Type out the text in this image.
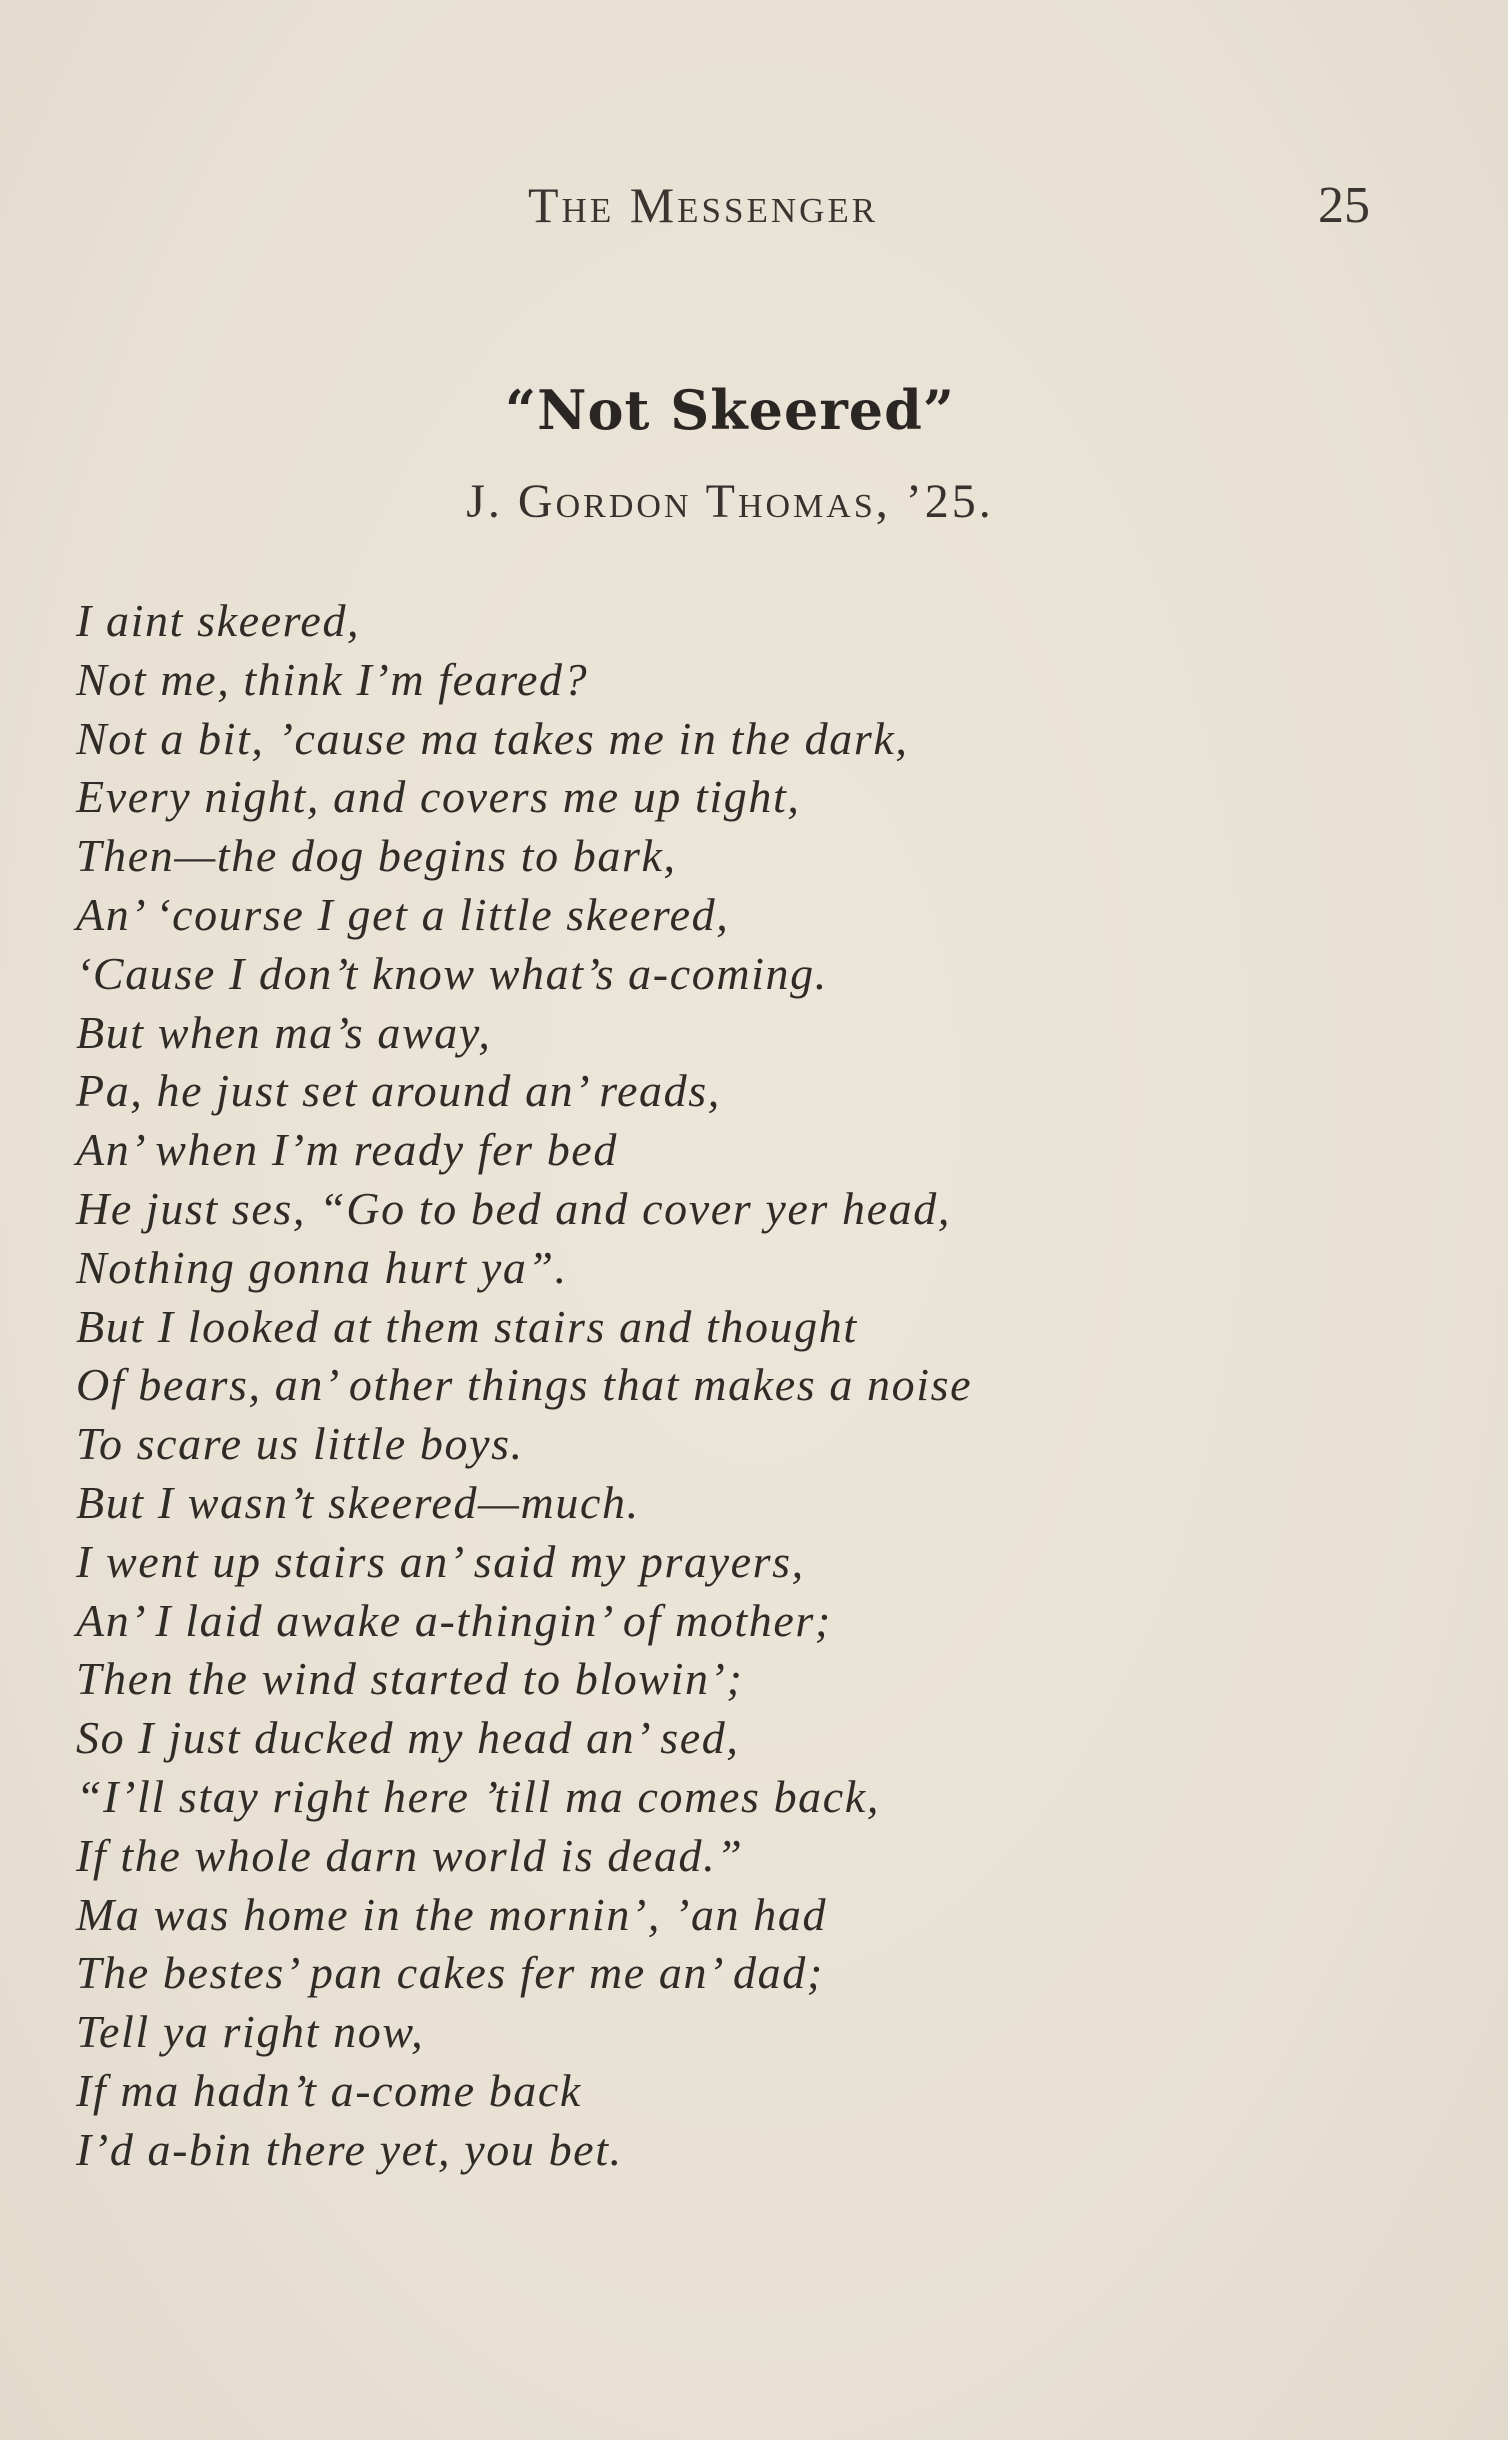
The Messenger	25
“Not Skeered”
J. Gordon Thomas, ’25.
I aint skeered,
Not me, think I’m feared?
Not a bit, ’cause ma takes me in the dark,
Every night, and covers me up tight,
Then—the dog begins to bark,
An’ ‘course I get a little skeered,
‘Cause I don’t know what’s a-coming.
But when ma’s away,
Pa, he just set around an’ reads,
An’ when I’m ready fer bed
He just ses, “Go to bed and cover yer head,
Nothing gonna hurt ya”.
But I looked at them stairs and thought
Of bears, an’ other things that makes a noise
To scare us little boys.
But I wasn’t skeered—much.
I went up stairs an’ said my prayers,
An’ I laid awake a-thingin’ of mother;
Then the wind started to blowin’;
So I just ducked my head an’ sed,
“I’ll stay right here ’till ma comes back,
If the whole darn world is dead.”
Ma was home in the mornin’, ’an had
The bestes’ pan cakes fer me an’ dad;
Tell ya right now,
If ma hadn’t a-come back
I’d a-bin there yet, you bet.
